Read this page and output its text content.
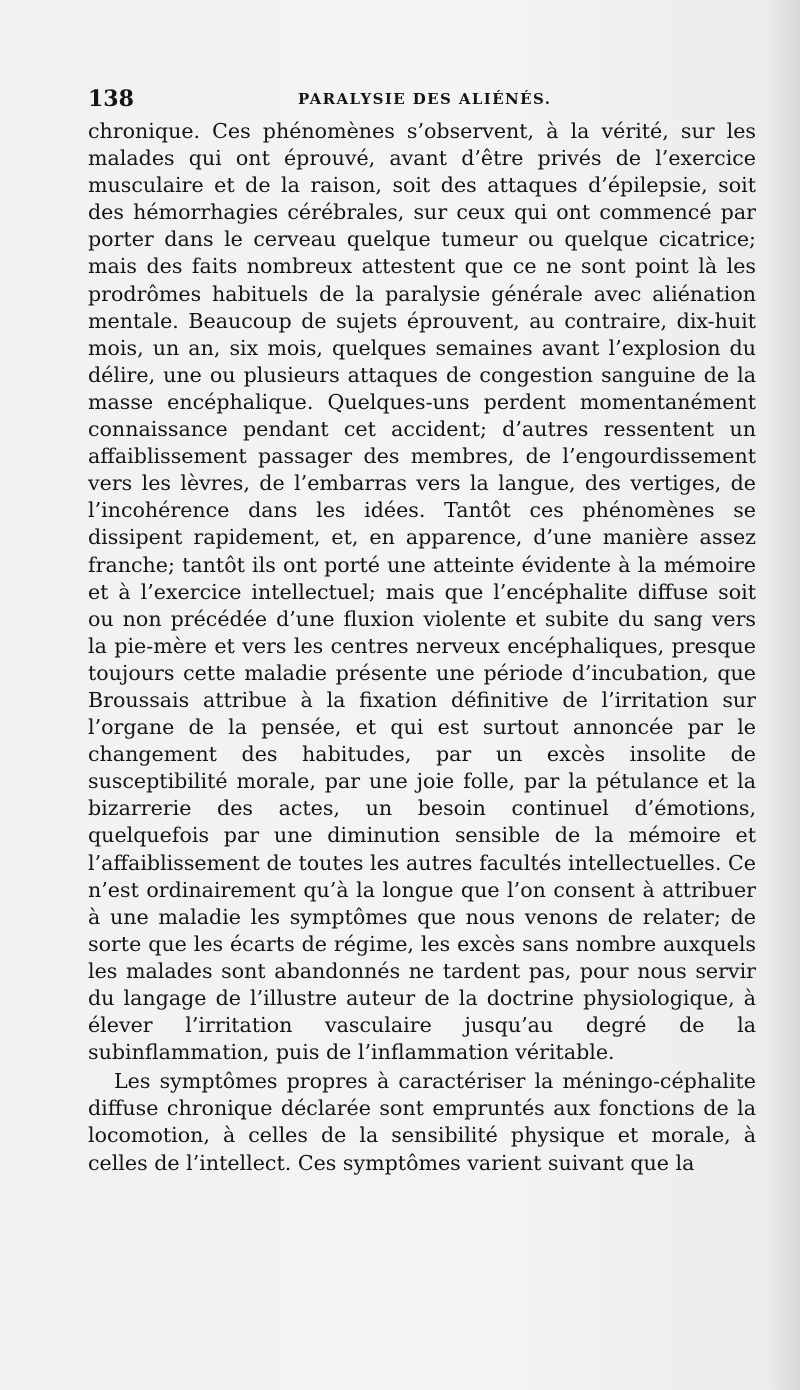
138	PARALYSIE DES ALIÉNÉS.

chronique. Ces phénomènes s’observent, à la vérité, sur les malades qui ont éprouvé, avant d’être privés de l’exercice musculaire et de la raison, soit des attaques d’épilepsie, soit des hémorrhagies cérébrales, sur ceux qui ont commencé par porter dans le cerveau quelque tumeur ou quelque cicatrice; mais des faits nombreux attestent que ce ne sont point là les prodrômes habituels de la paralysie générale avec aliénation mentale. Beaucoup de sujets éprouvent, au contraire, dix-huit mois, un an, six mois, quelques semaines avant l’explosion du délire, une ou plusieurs attaques de congestion sanguine de la masse encéphalique. Quelques-uns perdent momentanément connaissance pendant cet accident; d’autres ressentent un affaiblissement passager des membres, de l’engourdissement vers les lèvres, de l’embarras vers la langue, des vertiges, de l’incohérence dans les idées. Tantôt ces phénomènes se dissipent rapidement, et, en apparence, d’une manière assez franche; tantôt ils ont porté une atteinte évidente à la mémoire et à l’exercice intellectuel; mais que l’encéphalite diffuse soit ou non précédée d’une fluxion violente et subite du sang vers la pie-mère et vers les centres nerveux encéphaliques, presque toujours cette maladie présente une période d’incubation, que Broussais attribue à la fixation définitive de l’irritation sur l’organe de la pensée, et qui est surtout annoncée par le changement des habitudes, par un excès insolite de susceptibilité morale, par une joie folle, par la pétulance et la bizarrerie des actes, un besoin continuel d’émotions, quelquefois par une diminution sensible de la mémoire et l’affaiblissement de toutes les autres facultés intellectuelles. Ce n’est ordinairement qu’à la longue que l’on consent à attribuer à une maladie les symptômes que nous venons de relater; de sorte que les écarts de régime, les excès sans nombre auxquels les malades sont abandonnés ne tardent pas, pour nous servir du langage de l’illustre auteur de la doctrine physiologique, à élever l’irritation vasculaire jusqu’au degré de la subinflammation, puis de l’inflammation véritable.

Les symptômes propres à caractériser la méningo-céphalite diffuse chronique déclarée sont empruntés aux fonctions de la locomotion, à celles de la sensibilité physique et morale, à celles de l’intellect. Ces symptômes varient suivant que la
